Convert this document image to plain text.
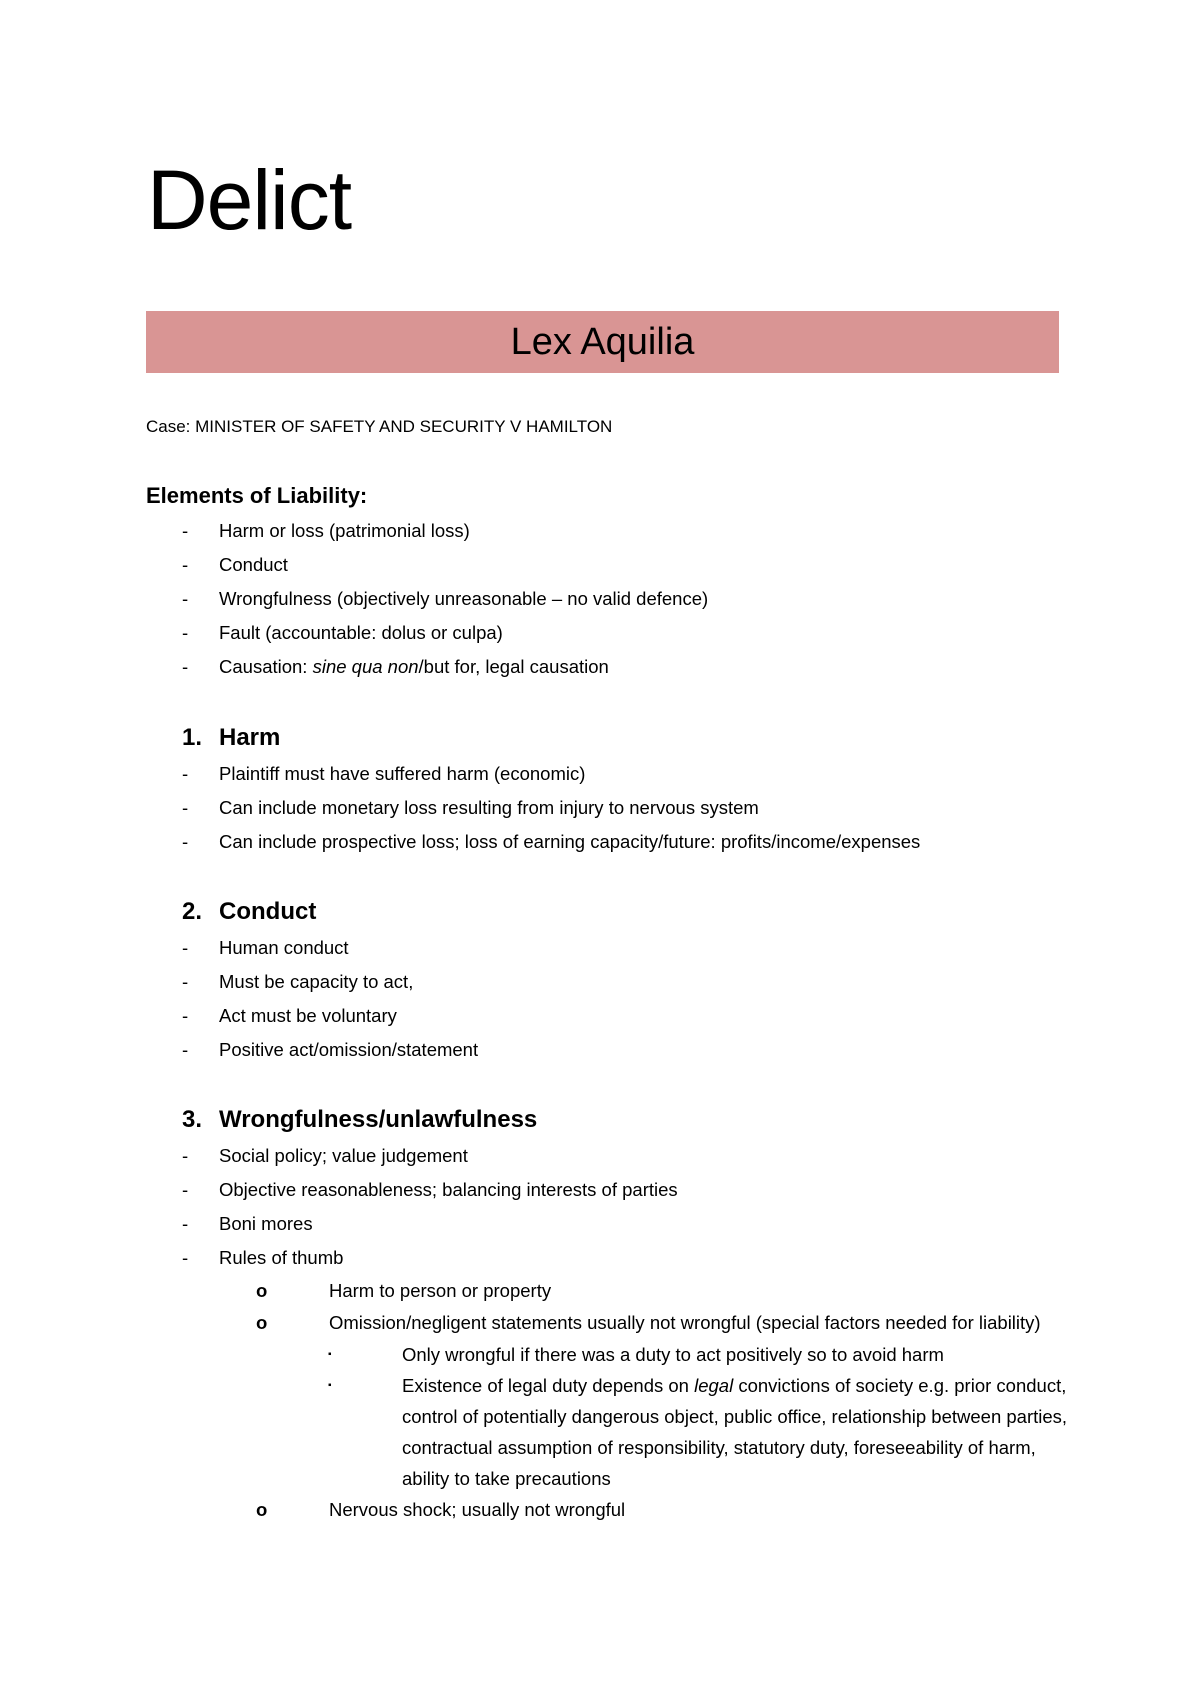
Delict
Lex Aquilia
Case: MINISTER OF SAFETY AND SECURITY V HAMILTON
Elements of Liability:
-	Harm or loss (patrimonial loss)
-	Conduct
-	Wrongfulness (objectively unreasonable – no valid defence)
-	Fault (accountable: dolus or culpa)
-	Causation: sine qua non/but for, legal causation
1. Harm
-	Plaintiff must have suffered harm (economic)
-	Can include monetary loss resulting from injury to nervous system
-	Can include prospective loss; loss of earning capacity/future: profits/income/expenses
2. Conduct
-	Human conduct
-	Must be capacity to act,
-	Act must be voluntary
-	Positive act/omission/statement
3. Wrongfulness/unlawfulness
-	Social policy; value judgement
-	Objective reasonableness; balancing interests of parties
-	Boni mores
-	Rules of thumb
o	Harm to person or property
o	Omission/negligent statements usually not wrongful (special factors needed for liability)
▪	Only wrongful if there was a duty to act positively so to avoid harm
▪	Existence of legal duty depends on legal convictions of society e.g. prior conduct, control of potentially dangerous object, public office, relationship between parties, contractual assumption of responsibility, statutory duty, foreseeability of harm, ability to take precautions
o	Nervous shock; usually not wrongful
